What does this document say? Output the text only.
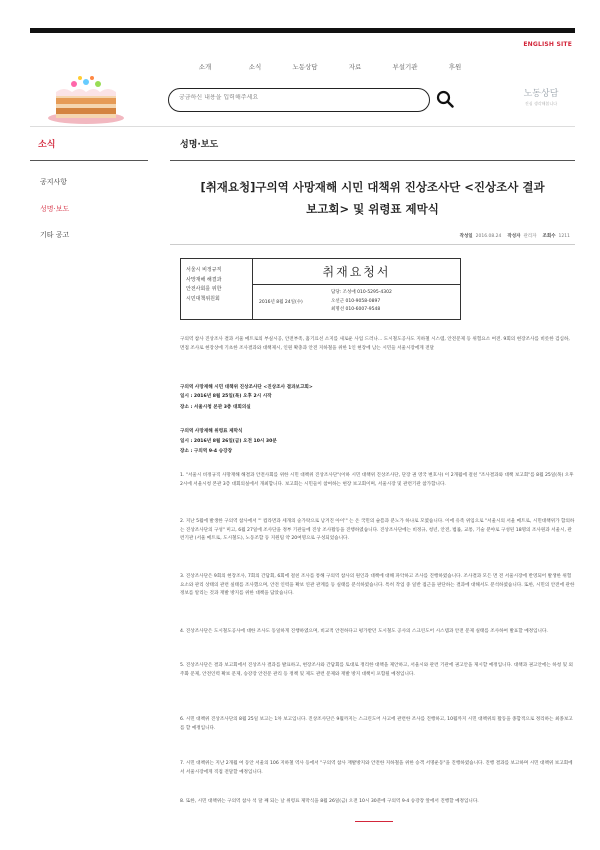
ENGLISH SITE
소개	소식	노동상담	자료	부설기관	후원
궁금하신 내용을 입력해주세요
노동상담
진심 생각해봅니다
소식
공지사항
성명·보도
기타 공고
성명·보도
[취재요청]구의역 사망재해 시민 대책위 진상조사단 <진상조사 결과
보고회> 및 위령표 제막식
작성일 2016.08.24 작성자 관리자 조회수 1211
서울시 비정규직
사망재해 해결과
안전사회를 위한
시민대책위원회
취재요청서
2016년 8월 24일(수)
담당: 조성애 010-5295-4302
오선근 010-9058-0897
최명선 010-6007-9548
구의역 참사 진상조사 결과 서울 메트로의 부실시공, 안전부족, 흡기료선 소지를 새로운 사업 드러나... 도시철도공사도 지하철 시스템, 안전문제 등 위험요소 여전. 9회의 현장조사를 비롯한 검심하, 면접 조사로 현장상에 기초한 조사결과와 대책제시, 인원 확충과 안전 지하철을 위한 1인 현장에 남는 시민들 서울시장에게 전달
구의역 사망재해 시민 대책위 진상조사단 <진상조사 결과보고회>
일시 : 2016년 8월 25일(목) 오후 2시 시작
장소 : 서울시청 본관 3층 대회의실
구의역 사망재해 위령표 제막식
일시 : 2016년 8월 26일(금) 오전 10시 30분
장소 : 구의역 9-4 승강장
1. "서울시 비정규직 사망재해 해결과 안전사회를 위한 시민 대책위 진상조사단"(이하 시민 대책위 진상조사단, 단장 권 영국 변호사) 이 2개월에 걸친 "조사결과와 대책 보고회"를 8월 25일(목) 오후 2시에 서울시청 본관 3층 대회의실에서 개최합니다. 보고회는 시민들이 참여하는 현장 보고회이며, 서울시장 및 관련기관 참가합니다.
2. 지난 5월에 발생한 구의역 참사에서 "' 컵라면과 세개의 숟가락으로 남겨진 아이'" 는 온 국민의 슬픔과 분노가 하나로 모였습니다. 이에 유족 위임으로 "서울시의 서울 메트로, 시민대책위가 합의하는 진상조사단의 구성" 미고, 6월 27일에 조사단을 정부 기관들에 진상 조사활동을 진행하였습니다. 진상조사단에는 비정규, 청년, 안전, 법률, 교통, 기술 분야로 구성된 18명의 조사원과 서울시, 관련기관 (서울 메트로, 도시철도), 노동조합 등 지원팀 약 20여명으로 구성되었습니다.
3. 진상조사단은 9회의 현장조사, 7회의 간담회, 6회에 걸친 조사를 통해 구의역 참사의 원인과 대책에 대해 파악하고 조사를 진행하였습니다. 조사결과 모든 면 전 서울시장에 반영되어 발생한 위험 요소와 관리 상태의 관련 실태를 조사했으며, 안전 인력을 확보 연관 관계를 등 실태를 분석하였습니다. 특히 작업 중 일반 접근을 판단하는 결과에 대해서도 분석하였습니다. 또한, 시민의 안전에 관한 정보를 알리는 것과 재발 방지를 위한 대책을 담았습니다.
4. 진상조사단은 도시철도공사에 대한 조사도 동일하게 진행하였으며, 비교적 안전하다고 평가받던 도시철도 공사의 스크린도어 시스템과 안전 문제 실태를 조사하여 발표할 예정입니다.
5. 진상조사단은 결과 보고회에서 진상조사 결과를 발표하고, 현장조사와 간담회를 토대로 정리한 대책을 제안하고, 서울시와 관련 기관에 권고안을 제시할 예정입니다. 대책과 권고안에는 하청 및 외주화 문제, 안전인력 확보 문제, 승강장 안전문 관리 등 정책 및 제도 관련 문제와 재발 방지 대책이 포함될 예정입니다.
6. 시민 대책위 진상조사단의 8월 25일 보고는 1차 보고입니다. 진상조사단은 9월까지는 스크린도어 사고에 관련한 조사를 진행하고, 10월까지 시민 대책위의 활동을 종합적으로 정리하는 최종보고를 할 예정입니다.
7. 시민 대책위는 지난 2개월 여 동안 서울의 106 지하철 역사 등에서 "구의역 참사 재발방지와 안전한 지하철을 위한 승객 서명운동"을 진행하였습니다. 진행 결과를 보고하며 시민 대책위 보고회에서 서울시장에게 직접 전달할 예정입니다.
8. 또한, 시민 대책위는 구의역 참사 석 달 째 되는 날 위령표 제막식을 8월 26일(금) 오전 10시 30분에 구의역 9-4 승강장 앞에서 진행할 예정입니다.
